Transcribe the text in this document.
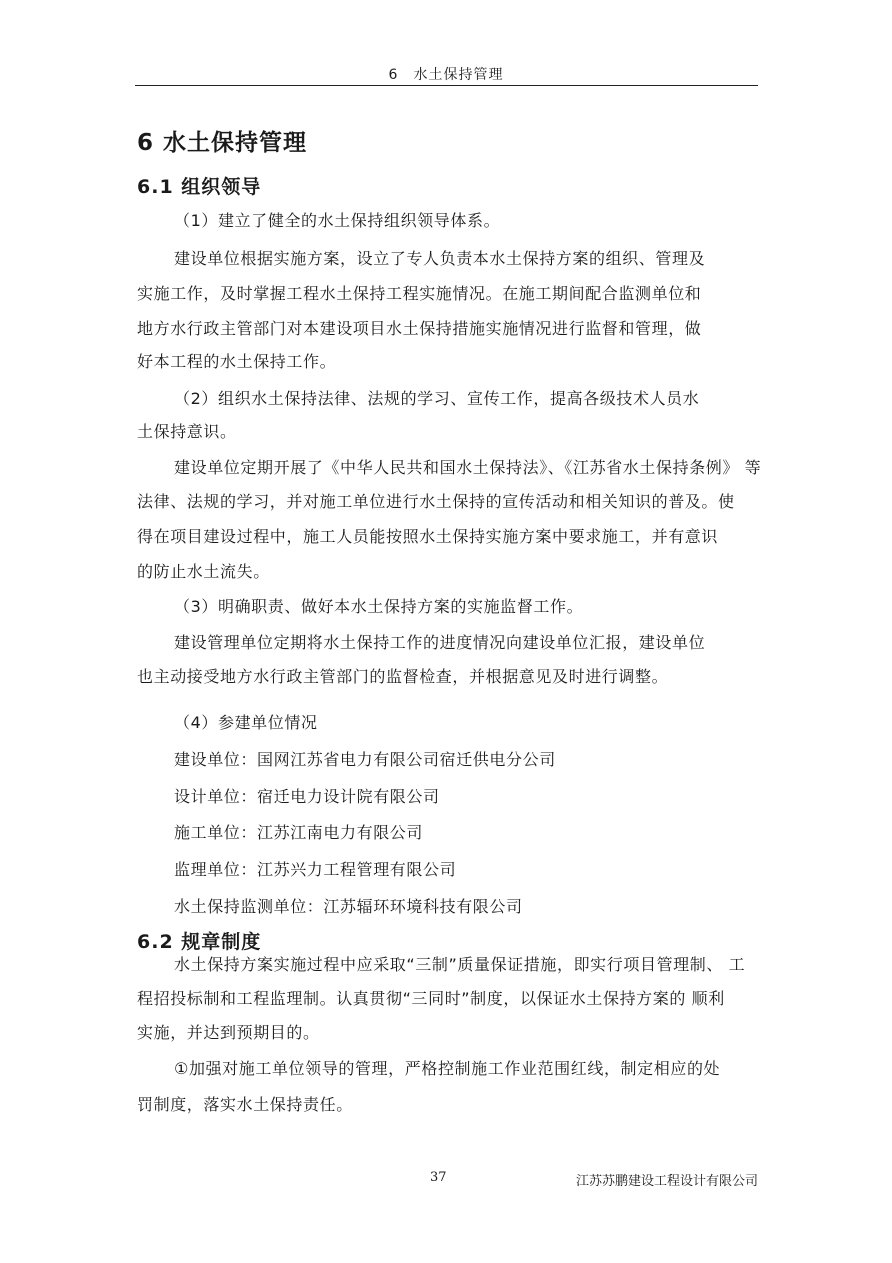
6　水土保持管理
6 水土保持管理
6.1 组织领导
（1）建立了健全的水土保持组织领导体系。
建设单位根据实施方案，设立了专人负责本水土保持方案的组织、管理及
实施工作，及时掌握工程水土保持工程实施情况。在施工期间配合监测单位和
地方水行政主管部门对本建设项目水土保持措施实施情况进行监督和管理，做
好本工程的水土保持工作。
（2）组织水土保持法律、法规的学习、宣传工作，提高各级技术人员水
土保持意识。
建设单位定期开展了《中华人民共和国水土保持法》、《江苏省水土保持条例》 等
法律、法规的学习，并对施工单位进行水土保持的宣传活动和相关知识的普及。使
得在项目建设过程中，施工人员能按照水土保持实施方案中要求施工，并有意识
的防止水土流失。
（3）明确职责、做好本水土保持方案的实施监督工作。
建设管理单位定期将水土保持工作的进度情况向建设单位汇报，建设单位
也主动接受地方水行政主管部门的监督检查，并根据意见及时进行调整。
（4）参建单位情况
建设单位：国网江苏省电力有限公司宿迁供电分公司
设计单位：宿迁电力设计院有限公司
施工单位：江苏江南电力有限公司
监理单位：江苏兴力工程管理有限公司
水土保持监测单位：江苏辐环环境科技有限公司
6.2 规章制度
水土保持方案实施过程中应采取“三制”质量保证措施，即实行项目管理制、 工
程招投标制和工程监理制。认真贯彻“三同时”制度，以保证水土保持方案的 顺利
实施，并达到预期目的。
①加强对施工单位领导的管理，严格控制施工作业范围红线，制定相应的处
罚制度，落实水土保持责任。
37	江苏苏鹏建设工程设计有限公司
